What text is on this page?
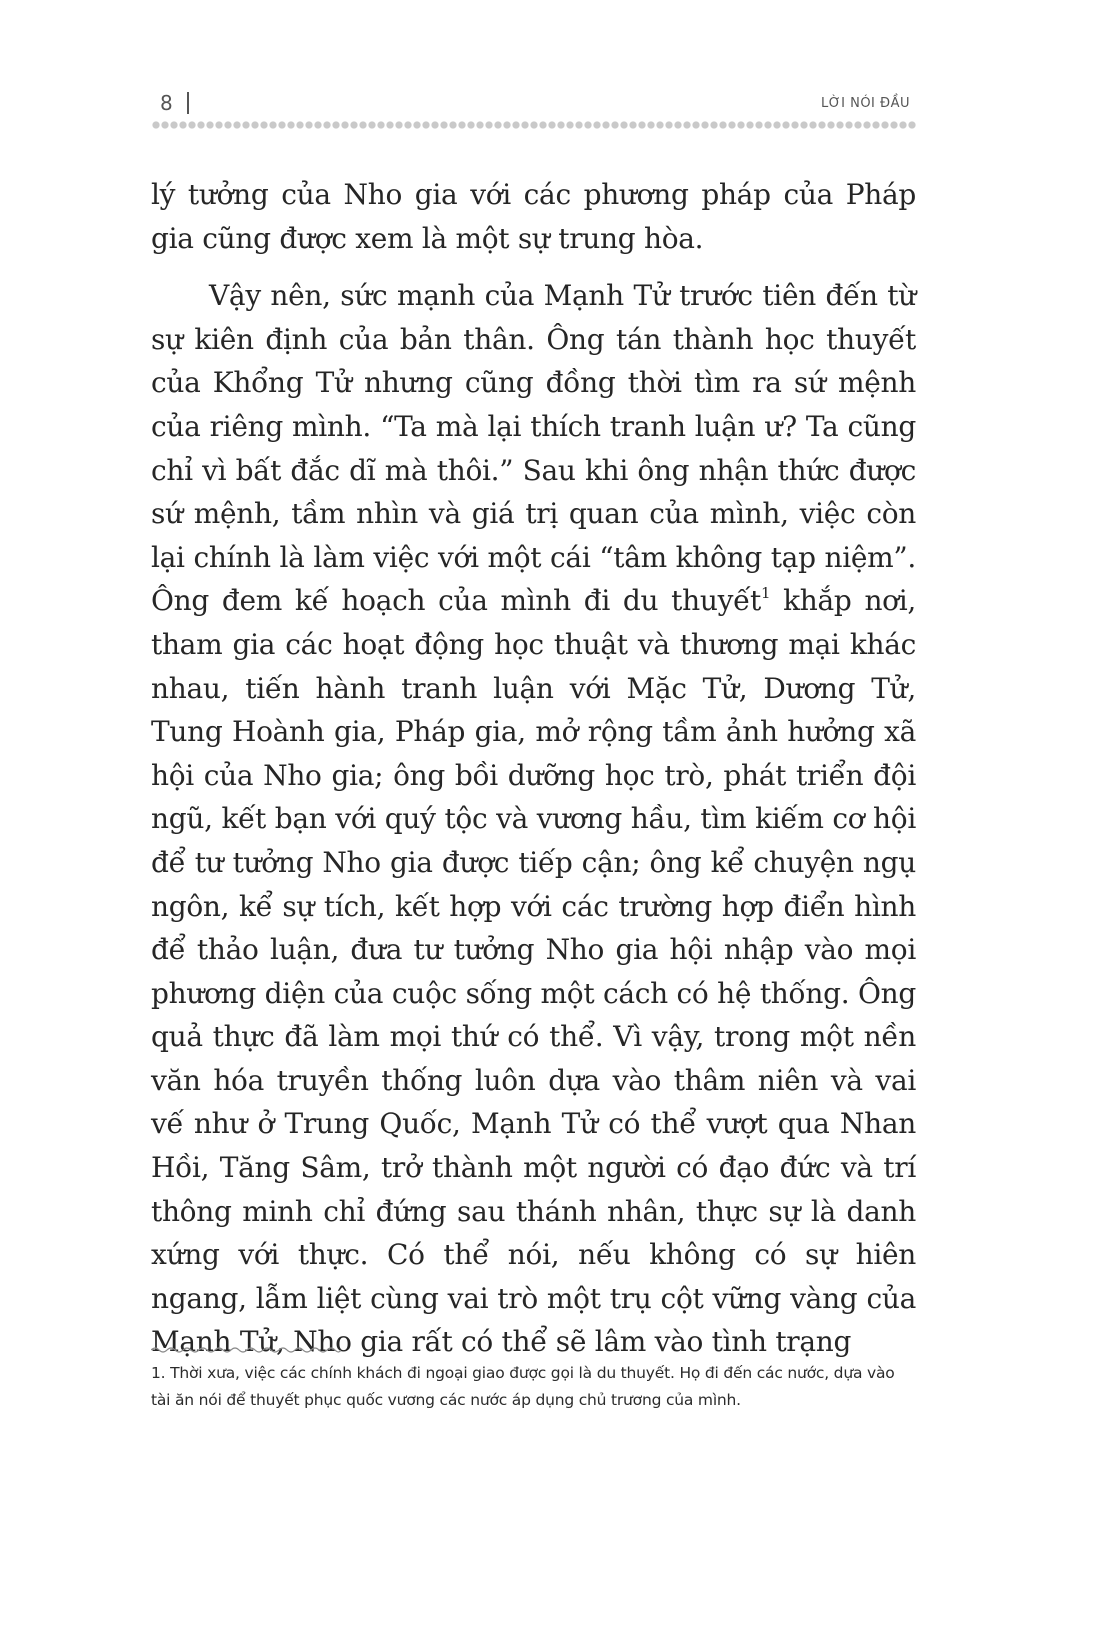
8	LỜI NÓI ĐẦU

lý tưởng của Nho gia với các phương pháp của Pháp gia cũng được xem là một sự trung hòa.

Vậy nên, sức mạnh của Mạnh Tử trước tiên đến từ sự kiên định của bản thân. Ông tán thành học thuyết của Khổng Tử nhưng cũng đồng thời tìm ra sứ mệnh của riêng mình. “Ta mà lại thích tranh luận ư? Ta cũng chỉ vì bất đắc dĩ mà thôi.” Sau khi ông nhận thức được sứ mệnh, tầm nhìn và giá trị quan của mình, việc còn lại chính là làm việc với một cái “tâm không tạp niệm”. Ông đem kế hoạch của mình đi du thuyết$^1$ khắp nơi, tham gia các hoạt động học thuật và thương mại khác nhau, tiến hành tranh luận với Mặc Tử, Dương Tử, Tung Hoành gia, Pháp gia, mở rộng tầm ảnh hưởng xã hội của Nho gia; ông bồi dưỡng học trò, phát triển đội ngũ, kết bạn với quý tộc và vương hầu, tìm kiếm cơ hội để tư tưởng Nho gia được tiếp cận; ông kể chuyện ngụ ngôn, kể sự tích, kết hợp với các trường hợp điển hình để thảo luận, đưa tư tưởng Nho gia hội nhập vào mọi phương diện của cuộc sống một cách có hệ thống. Ông quả thực đã làm mọi thứ có thể. Vì vậy, trong một nền văn hóa truyền thống luôn dựa vào thâm niên và vai vế như ở Trung Quốc, Mạnh Tử có thể vượt qua Nhan Hồi, Tăng Sâm, trở thành một người có đạo đức và trí thông minh chỉ đứng sau thánh nhân, thực sự là danh xứng với thực. Có thể nói, nếu không có sự hiên ngang, lẫm liệt cùng vai trò một trụ cột vững vàng của Mạnh Tử, Nho gia rất có thể sẽ lâm vào tình trạng

1. Thời xưa, việc các chính khách đi ngoại giao được gọi là du thuyết. Họ đi đến các nước, dựa vào tài ăn nói để thuyết phục quốc vương các nước áp dụng chủ trương của mình.
